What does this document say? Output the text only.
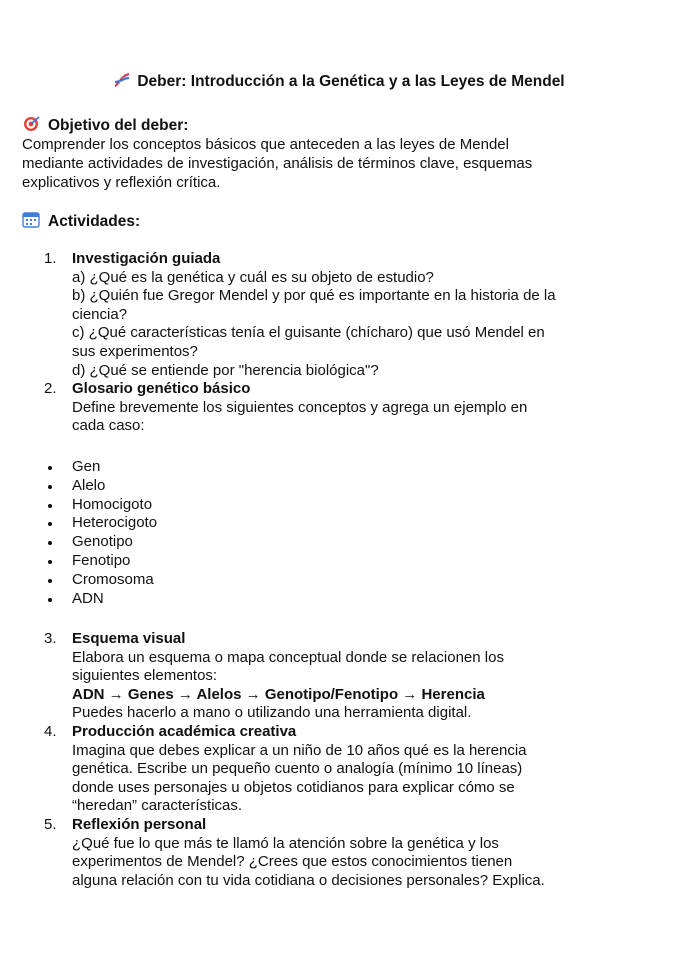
Deber: Introducción a la Genética y a las Leyes de Mendel
Objetivo del deber:
Comprender los conceptos básicos que anteceden a las leyes de Mendel
mediante actividades de investigación, análisis de términos clave, esquemas
explicativos y reflexión crítica.
Actividades:
1.	Investigación guiada
a) ¿Qué es la genética y cuál es su objeto de estudio?
b) ¿Quién fue Gregor Mendel y por qué es importante en la historia de la
ciencia?
c) ¿Qué características tenía el guisante (chícharo) que usó Mendel en
sus experimentos?
d) ¿Qué se entiende por "herencia biológica"?
2.	Glosario genético básico
Define brevemente los siguientes conceptos y agrega un ejemplo en
cada caso:
Gen
Alelo
Homocigoto
Heterocigoto
Genotipo
Fenotipo
Cromosoma
ADN
3.	Esquema visual
Elabora un esquema o mapa conceptual donde se relacionen los
siguientes elementos:
ADN → Genes → Alelos → Genotipo/Fenotipo → Herencia
Puedes hacerlo a mano o utilizando una herramienta digital.
4.	Producción académica creativa
Imagina que debes explicar a un niño de 10 años qué es la herencia
genética. Escribe un pequeño cuento o analogía (mínimo 10 líneas)
donde uses personajes u objetos cotidianos para explicar cómo se
“heredan” características.
5.	Reflexión personal
¿Qué fue lo que más te llamó la atención sobre la genética y los
experimentos de Mendel? ¿Crees que estos conocimientos tienen
alguna relación con tu vida cotidiana o decisiones personales? Explica.
